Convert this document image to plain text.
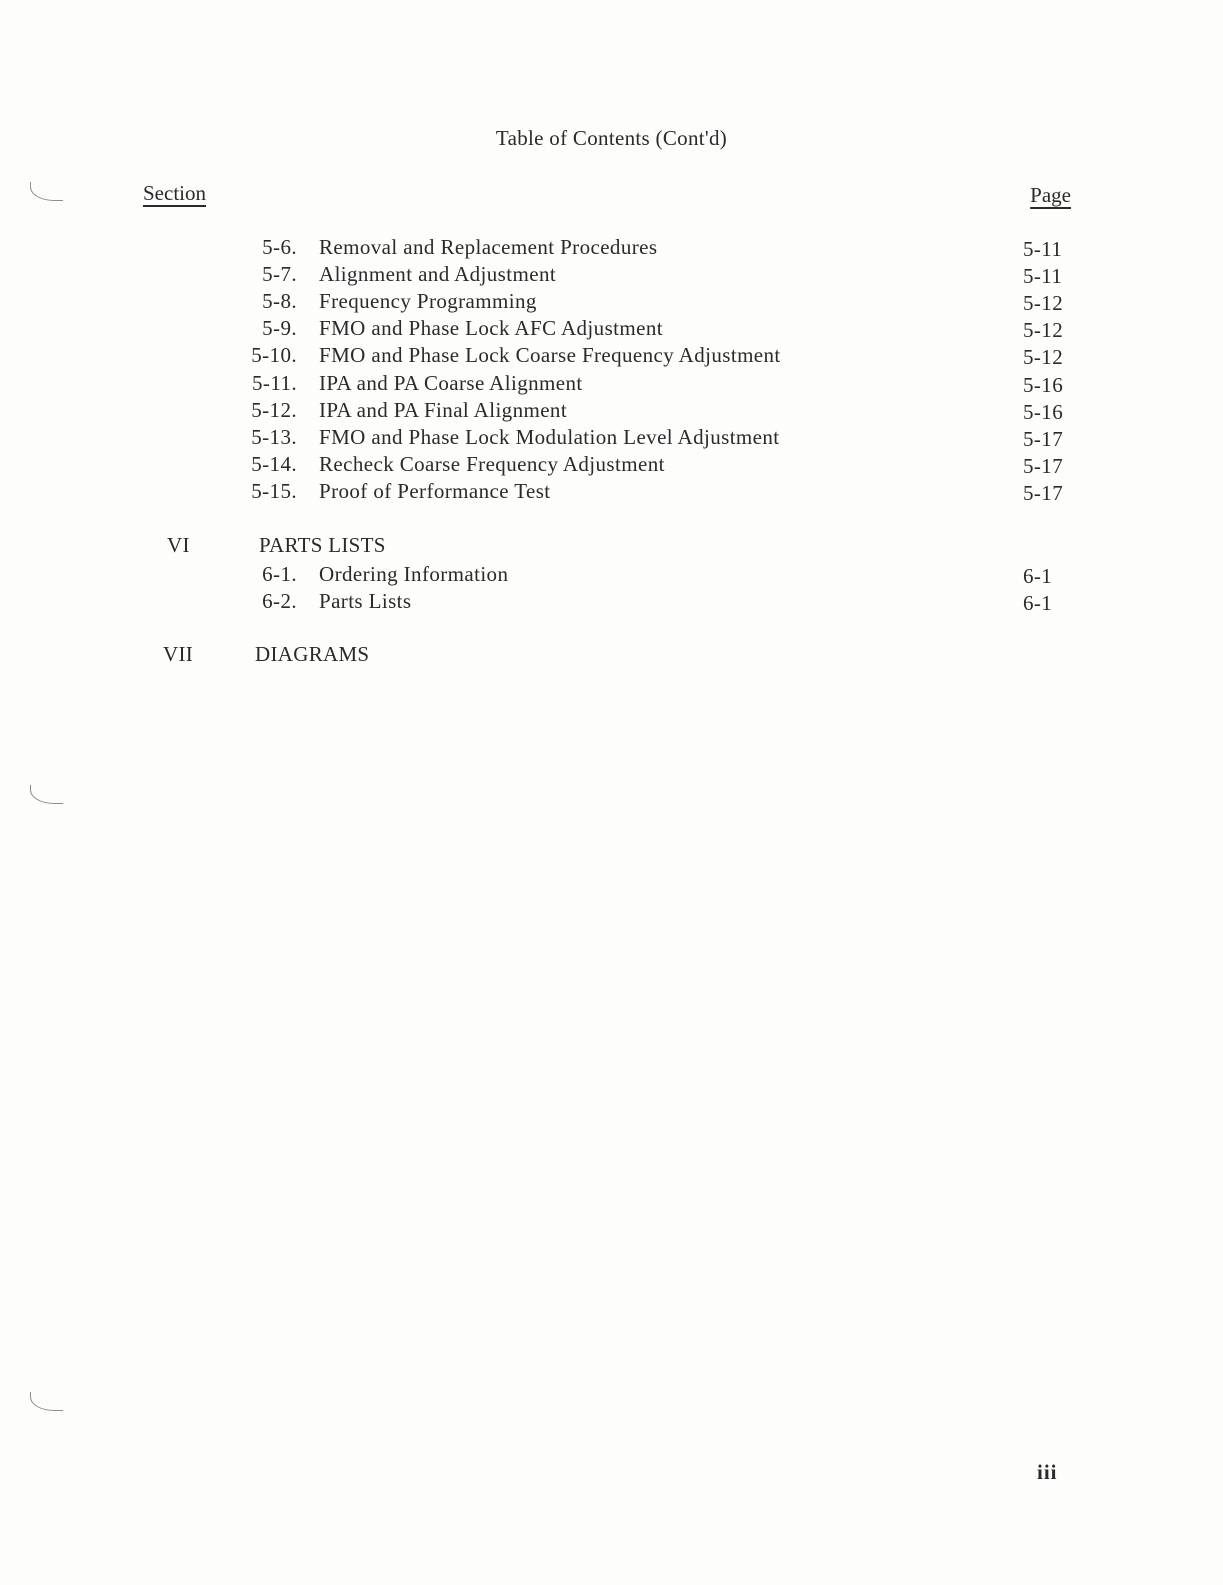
Table of Contents (Cont'd)
Section	Page
5-6. Removal and Replacement Procedures	5-11
5-7. Alignment and Adjustment	5-11
5-8. Frequency Programming	5-12
5-9. FMO and Phase Lock AFC Adjustment	5-12
5-10. FMO and Phase Lock Coarse Frequency Adjustment	5-12
5-11. IPA and PA Coarse Alignment	5-16
5-12. IPA and PA Final Alignment	5-16
5-13. FMO and Phase Lock Modulation Level Adjustment	5-17
5-14. Recheck Coarse Frequency Adjustment	5-17
5-15. Proof of Performance Test	5-17
VI	PARTS LISTS
6-1. Ordering Information	6-1
6-2. Parts Lists	6-1
VII	DIAGRAMS
iii
